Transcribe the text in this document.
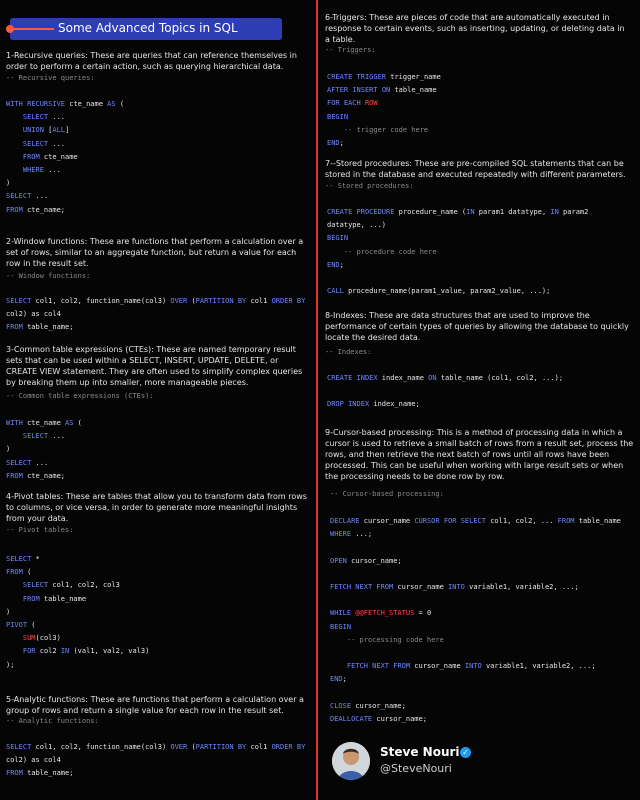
Some Advanced Topics in SQL
1-Recursive queries: These are queries that can reference themselves in order to perform a certain action, such as querying hierarchical data.
-- Recursive queries:
WITH RECURSIVE cte_name AS (
SELECT ...
UNION [ALL]
SELECT ...
FROM cte_name
WHERE ...
)
SELECT ...
FROM cte_name;
2-Window functions: These are functions that perform a calculation over a set of rows, similar to an aggregate function, but return a value for each row in the result set.
-- Window functions:
SELECT col1, col2, function_name(col3) OVER (PARTITION BY col1 ORDER BY
col2) as col4
FROM table_name;
3-Common table expressions (CTEs): These are named temporary result sets that can be used within a SELECT, INSERT, UPDATE, DELETE, or CREATE VIEW statement. They are often used to simplify complex queries by breaking them up into smaller, more manageable pieces.
-- Common table expressions (CTEs):
WITH cte_name AS (
SELECT ...
)
SELECT ...
FROM cte_name;
4-Pivot tables: These are tables that allow you to transform data from rows to columns, or vice versa, in order to generate more meaningful insights from your data.
-- Pivot tables:
SELECT *
FROM (
SELECT col1, col2, col3
FROM table_name
)
PIVOT (
SUM(col3)
FOR col2 IN (val1, val2, val3)
);
5-Analytic functions: These are functions that perform a calculation over a group of rows and return a single value for each row in the result set.
-- Analytic functions:
SELECT col1, col2, function_name(col3) OVER (PARTITION BY col1 ORDER BY
col2) as col4
FROM table_name;
6-Triggers: These are pieces of code that are automatically executed in response to certain events, such as inserting, updating, or deleting data in a table.
-- Triggers:
CREATE TRIGGER trigger_name
AFTER INSERT ON table_name
FOR EACH ROW
BEGIN
-- trigger code here
END;
7--Stored procedures: These are pre-compiled SQL statements that can be stored in the database and executed repeatedly with different parameters.
-- Stored procedures:
CREATE PROCEDURE procedure_name (IN param1 datatype, IN param2
datatype, ...)
BEGIN
-- procedure code here
END;

CALL procedure_name(param1_value, param2_value, ...);
8-Indexes: These are data structures that are used to improve the performance of certain types of queries by allowing the database to quickly locate the desired data.
-- Indexes:
CREATE INDEX index_name ON table_name (col1, col2, ...);

DROP INDEX index_name;
9-Cursor-based processing: This is a method of processing data in which a cursor is used to retrieve a small batch of rows from a result set, process the rows, and then retrieve the next batch of rows until all rows have been processed. This can be useful when working with large result sets or when the processing needs to be done row by row.
-- Cursor-based processing:
DECLARE cursor_name CURSOR FOR SELECT col1, col2, ... FROM table_name
WHERE ...;

OPEN cursor_name;

FETCH NEXT FROM cursor_name INTO variable1, variable2, ...;

WHILE @@FETCH_STATUS = 0
BEGIN
-- processing code here

FETCH NEXT FROM cursor_name INTO variable1, variable2, ...;
END;

CLOSE cursor_name;
DEALLOCATE cursor_name;
Steve Nouri ✓
@SteveNouri
